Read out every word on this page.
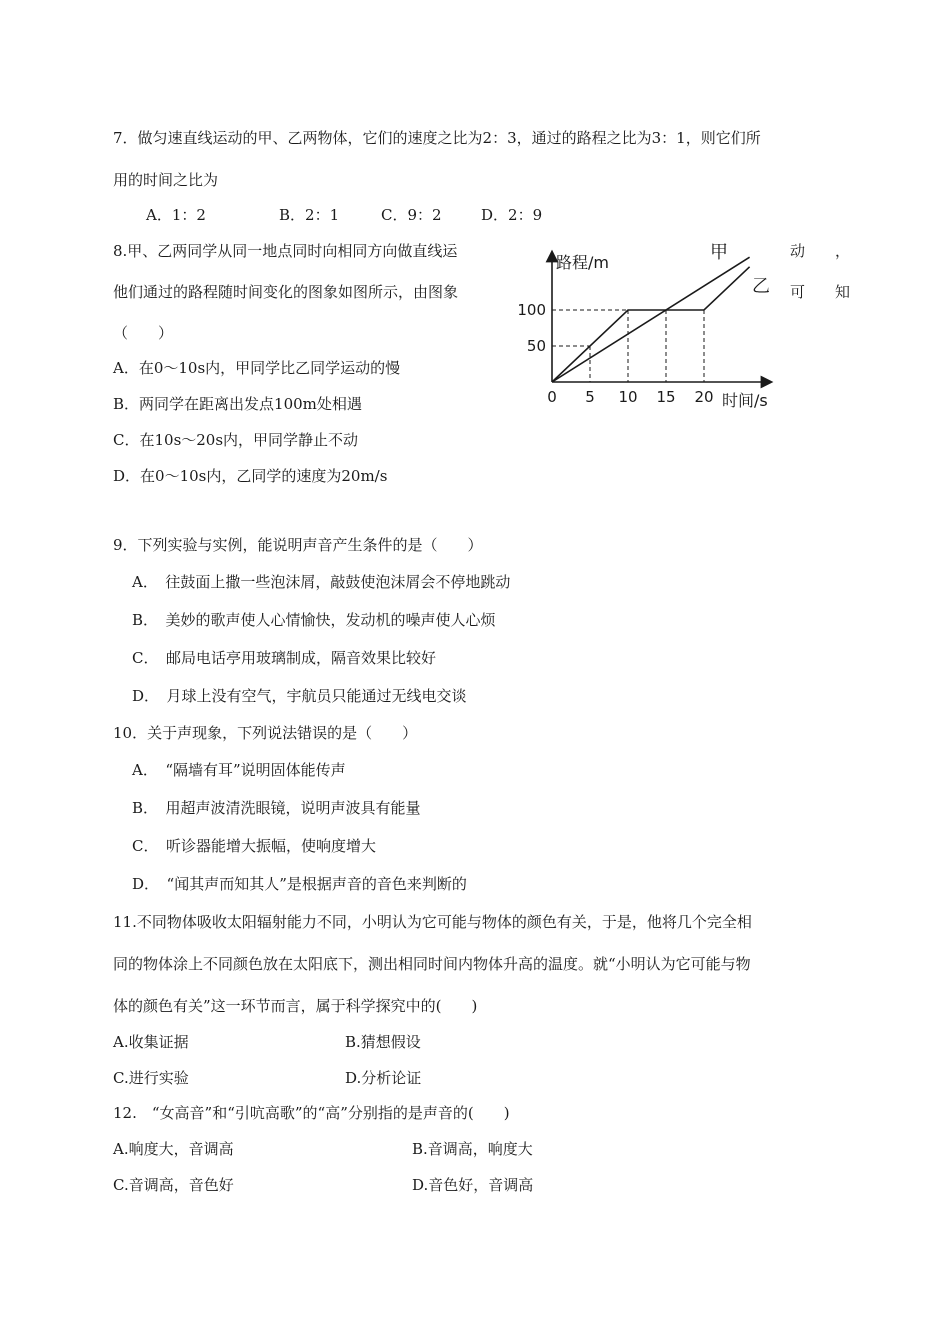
7．做匀速直线运动的甲、乙两物体，它们的速度之比为2：3，通过的路程之比为3：1，则它们所
用的时间之比为
A．1：2	B．2：1	C．9：2	D．2：9
8.甲、乙两同学从同一地点同时向相同方向做直线运	动　　，
他们通过的路程随时间变化的图象如图所示，由图象	可　　知
（　　）
A．在0～10s内，甲同学比乙同学运动的慢
B．两同学在距离出发点100m处相遇
C．在10s～20s内，甲同学静止不动
D．在0～10s内，乙同学的速度为20m/s
路程/m
时间/s
0 5 10 15 20
50
100
甲
乙
9．下列实验与实例，能说明声音产生条件的是（　　）
A．　往鼓面上撒一些泡沫屑，敲鼓使泡沫屑会不停地跳动
B．　美妙的歌声使人心情愉快，发动机的噪声使人心烦
C．　邮局电话亭用玻璃制成，隔音效果比较好
D．　月球上没有空气，宇航员只能通过无线电交谈
10．关于声现象，下列说法错误的是（　　）
A．　“隔墙有耳”说明固体能传声
B．　用超声波清洗眼镜，说明声波具有能量
C．　听诊器能增大振幅，使响度增大
D．　“闻其声而知其人”是根据声音的音色来判断的
11.不同物体吸收太阳辐射能力不同，小明认为它可能与物体的颜色有关，于是，他将几个完全相
同的物体涂上不同颜色放在太阳底下，测出相同时间内物体升高的温度。就“小明认为它可能与物
体的颜色有关”这一环节而言，属于科学探究中的(　　)
A.收集证据	B.猜想假设
C.进行实验	D.分析论证
12.　“女高音”和“引吭高歌”的“高”分别指的是声音的(　　)
A.响度大，音调高	B.音调高，响度大
C.音调高，音色好	D.音色好，音调高
